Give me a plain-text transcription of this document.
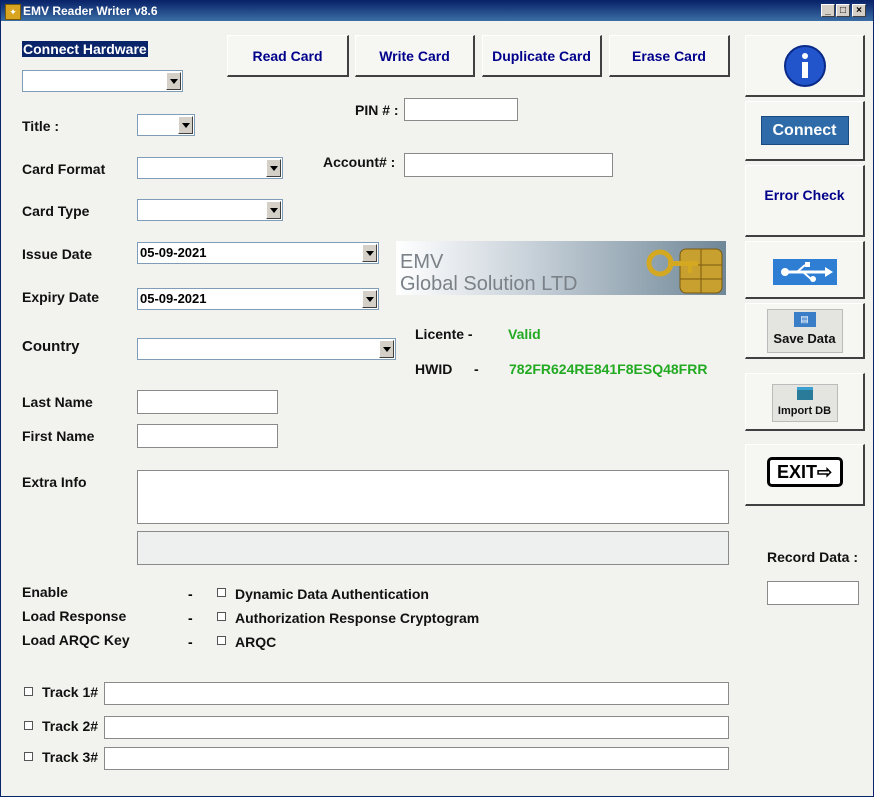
✦ EMV Reader Writer v8.6	_ □	×
Connect Hardware	Read Card	Write Card	Duplicate Card	Erase Card
PIN # :
Account# :
Title :
Card Format
Card Type
Issue Date	05-09-2021
Expiry Date	05-09-2021
Country
Last Name
First Name
Extra Info
EMV
Global Solution LTD
Licente -	Valid
HWID - 782FR624RE841F8ESQ48FRR
Connect
Error Check
▤
Save Data
Import DB
EXIT⇨
Record Data :
Enable	-	Dynamic Data Authentication
Load Response	-	Authorization Response Cryptogram
Load ARQC Key	-	ARQC
Track 1#
Track 2#
Track 3#
